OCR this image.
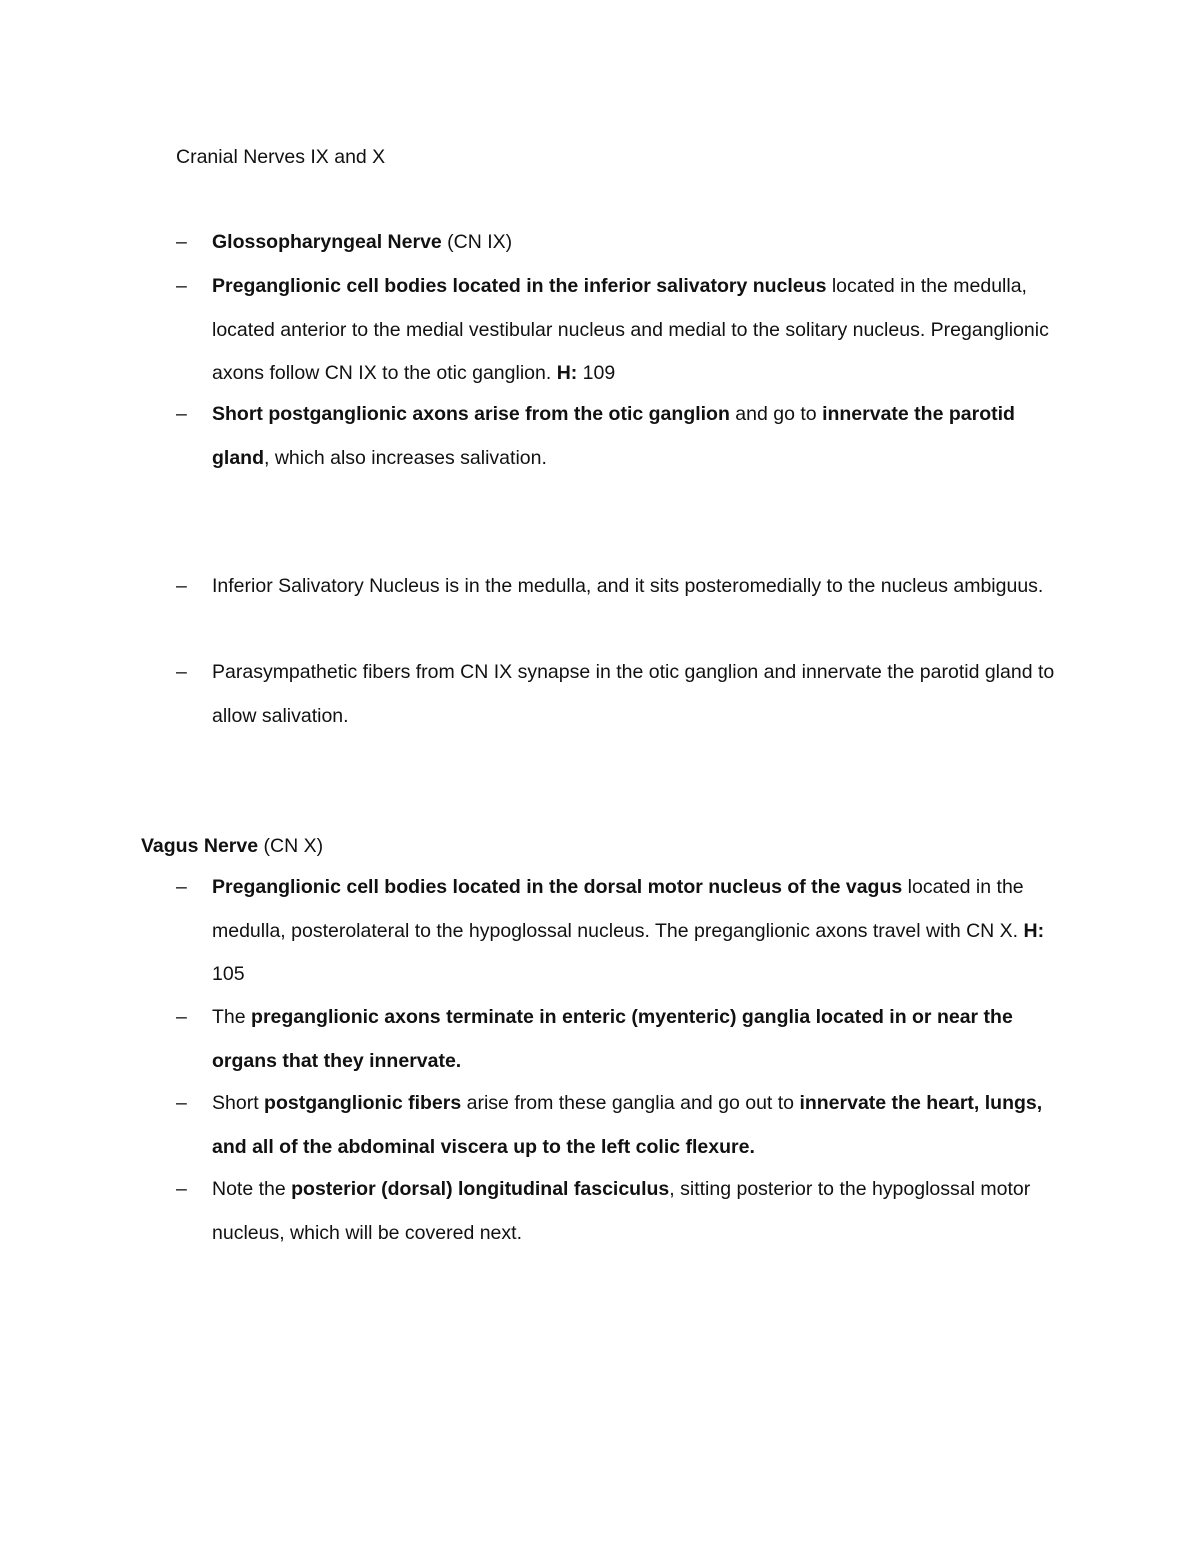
Cranial Nerves IX and X

–	Glossopharyngeal Nerve (CN IX)

–	Preganglionic cell bodies located in the inferior salivatory nucleus located in the medulla, located anterior to the medial vestibular nucleus and medial to the solitary nucleus. Preganglionic axons follow CN IX to the otic ganglion. H: 109

–	Short postganglionic axons arise from the otic ganglion and go to innervate the parotid gland, which also increases salivation.

–	Inferior Salivatory Nucleus is in the medulla, and it sits posteromedially to the nucleus ambiguus.

–	Parasympathetic fibers from CN IX synapse in the otic ganglion and innervate the parotid gland to allow salivation.

Vagus Nerve (CN X)

–	Preganglionic cell bodies located in the dorsal motor nucleus of the vagus located in the medulla, posterolateral to the hypoglossal nucleus. The preganglionic axons travel with CN X. H: 105

–	The preganglionic axons terminate in enteric (myenteric) ganglia located in or near the organs that they innervate.

–	Short postganglionic fibers arise from these ganglia and go out to innervate the heart, lungs, and all of the abdominal viscera up to the left colic flexure.

–	Note the posterior (dorsal) longitudinal fasciculus, sitting posterior to the hypoglossal motor nucleus, which will be covered next.
